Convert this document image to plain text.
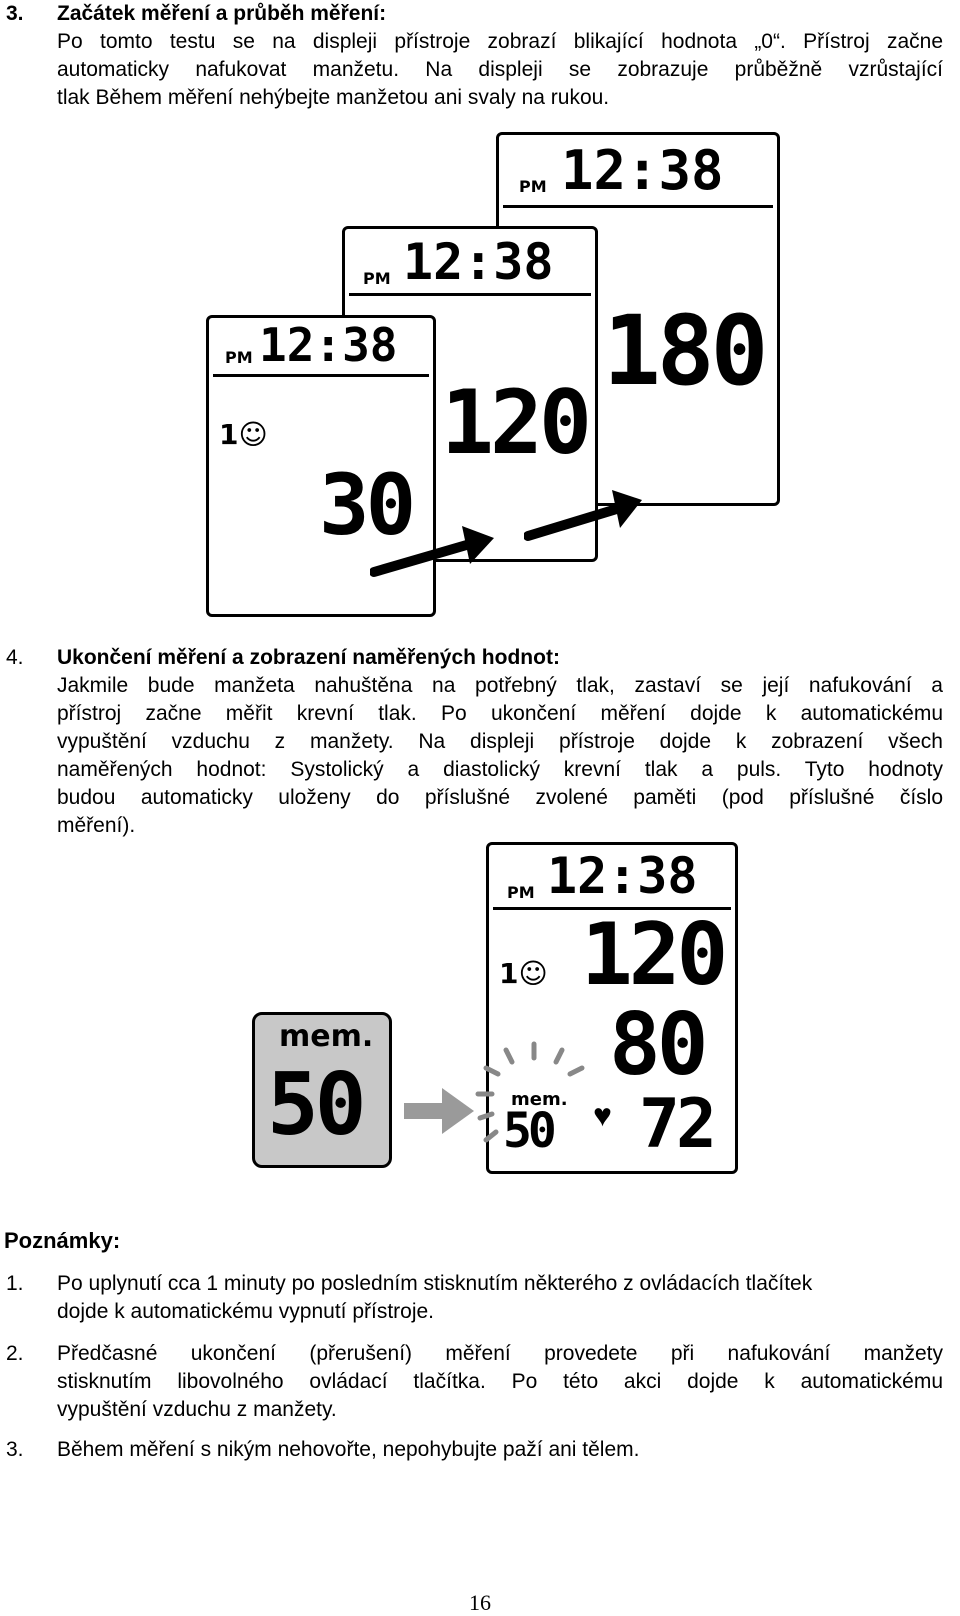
3. Začátek měření a průběh měření:
Po tomto testu se na displeji přístroje zobrazí blikající hodnota „0“. Přístroj začne
automaticky nafukovat manžetu. Na displeji se zobrazuje průběžně vzrůstající
tlak Během měření nehýbejte manžetou ani svaly na rukou.
PM 12:38
180
PM 12:38
120
PM 12:38
1☺
30
4. Ukončení měření a zobrazení naměřených hodnot:
Jakmile bude manžeta nahuštěna na potřebný tlak, zastaví se její nafukování a
přístroj začne měřit krevní tlak. Po ukončení měření dojde k automatickému
vypuštění vzduchu z manžety. Na displeji přístroje dojde k zobrazení všech
naměřených hodnot: Systolický a diastolický krevní tlak a puls. Tyto hodnoty
budou automaticky uloženy do příslušné zvolené paměti (pod příslušné číslo
měření).
mem.
50
PM 12:38
1☺ 120
80
mem.
50 ♥ 72
Poznámky:
1. Po uplynutí cca 1 minuty po posledním stisknutím některého z ovládacích tlačítek
dojde k automatickému vypnutí přístroje.
2. Předčasné ukončení (přerušení) měření provedete při nafukování manžety
stisknutím libovolného ovládací tlačítka. Po této akci dojde k automatickému
vypuštění vzduchu z manžety.
3. Během měření s nikým nehovořte, nepohybujte paží ani tělem.
16
